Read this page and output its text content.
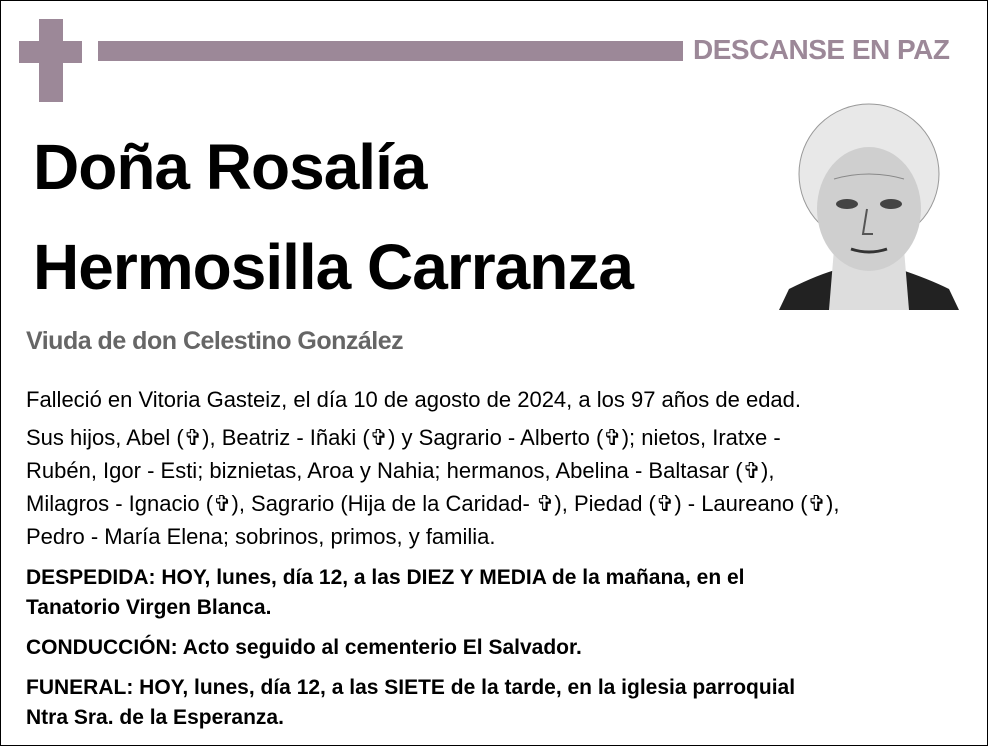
DESCANSE EN PAZ
Doña Rosalía
Hermosilla Carranza
Viuda de don Celestino González
Falleció en Vitoria Gasteiz, el día 10 de agosto de 2024, a los 97 años de edad.
Sus hijos, Abel (✞), Beatriz - Iñaki (✞) y Sagrario - Alberto (✞); nietos, Iratxe -
Rubén, Igor - Esti; biznietas, Aroa y Nahia; hermanos, Abelina - Baltasar (✞),
Milagros - Ignacio (✞), Sagrario (Hija de la Caridad- ✞), Piedad (✞) - Laureano (✞),
Pedro - María Elena; sobrinos, primos, y familia.
DESPEDIDA: HOY, lunes, día 12, a las DIEZ Y MEDIA de la mañana, en el
Tanatorio Virgen Blanca.
CONDUCCIÓN: Acto seguido al cementerio El Salvador.
FUNERAL: HOY, lunes, día 12, a las SIETE de la tarde, en la iglesia parroquial
Ntra Sra. de la Esperanza.
